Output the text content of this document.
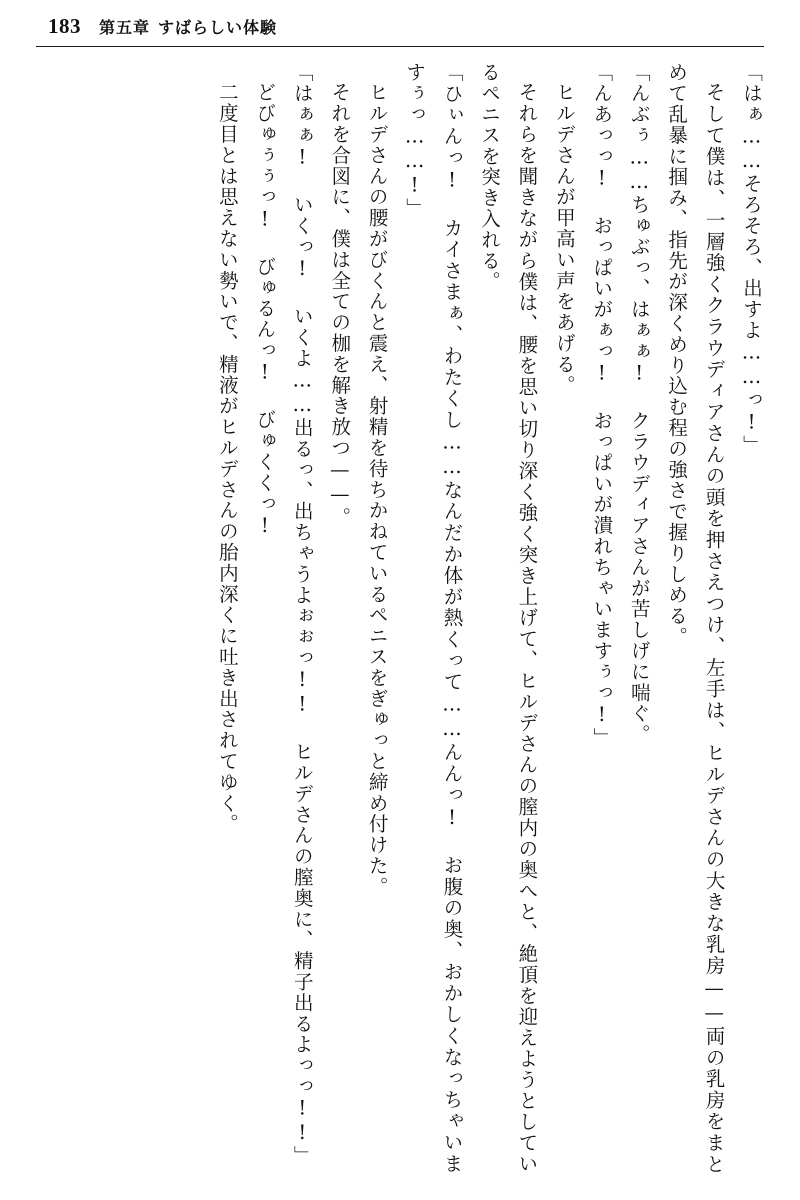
183 第五章 すばらしい体験

「はぁ……そろそろ、出すよ……っ!」

そして僕は、一層強くクラウディアさんの頭を押さえつけ、左手は、ヒルデさんの大きな乳房——両の乳房をまとめて乱暴に掴み、指先が深くめり込む程の強さで握りしめる。

「んぶぅ……ちゅぶっ、はぁぁ! クラウディアさんが苦しげに喘ぐ。

「んあっっ! おっぱいがぁっ! おっぱいが潰れちゃいますぅっ!」

ヒルデさんが甲高い声をあげる。

それらを聞きながら僕は、腰を思い切り深く強く突き上げて、ヒルデさんの膣内の奥へと、絶頂を迎えようとしているペニスを突き入れる。

「ひぃんっ! カイさまぁ、わたくし……なんだか体が熱くって……んんっ! お腹の奥、おかしくなっちゃいますぅっ……!」

ヒルデさんの腰がびくんと震え、射精を待ちかねているペニスをぎゅっと締め付けた。

それを合図に、僕は全ての枷を解き放つ——。

「はぁぁ! いくっ! いくよ……出るっ、出ちゃうよぉぉっ!! ヒルデさんの膣奥に、精子出るよっっ!!」

どびゅぅぅっ! びゅるんっ! びゅくくっ!

二度目とは思えない勢いで、精液がヒルデさんの胎内深くに吐き出されてゆく。
